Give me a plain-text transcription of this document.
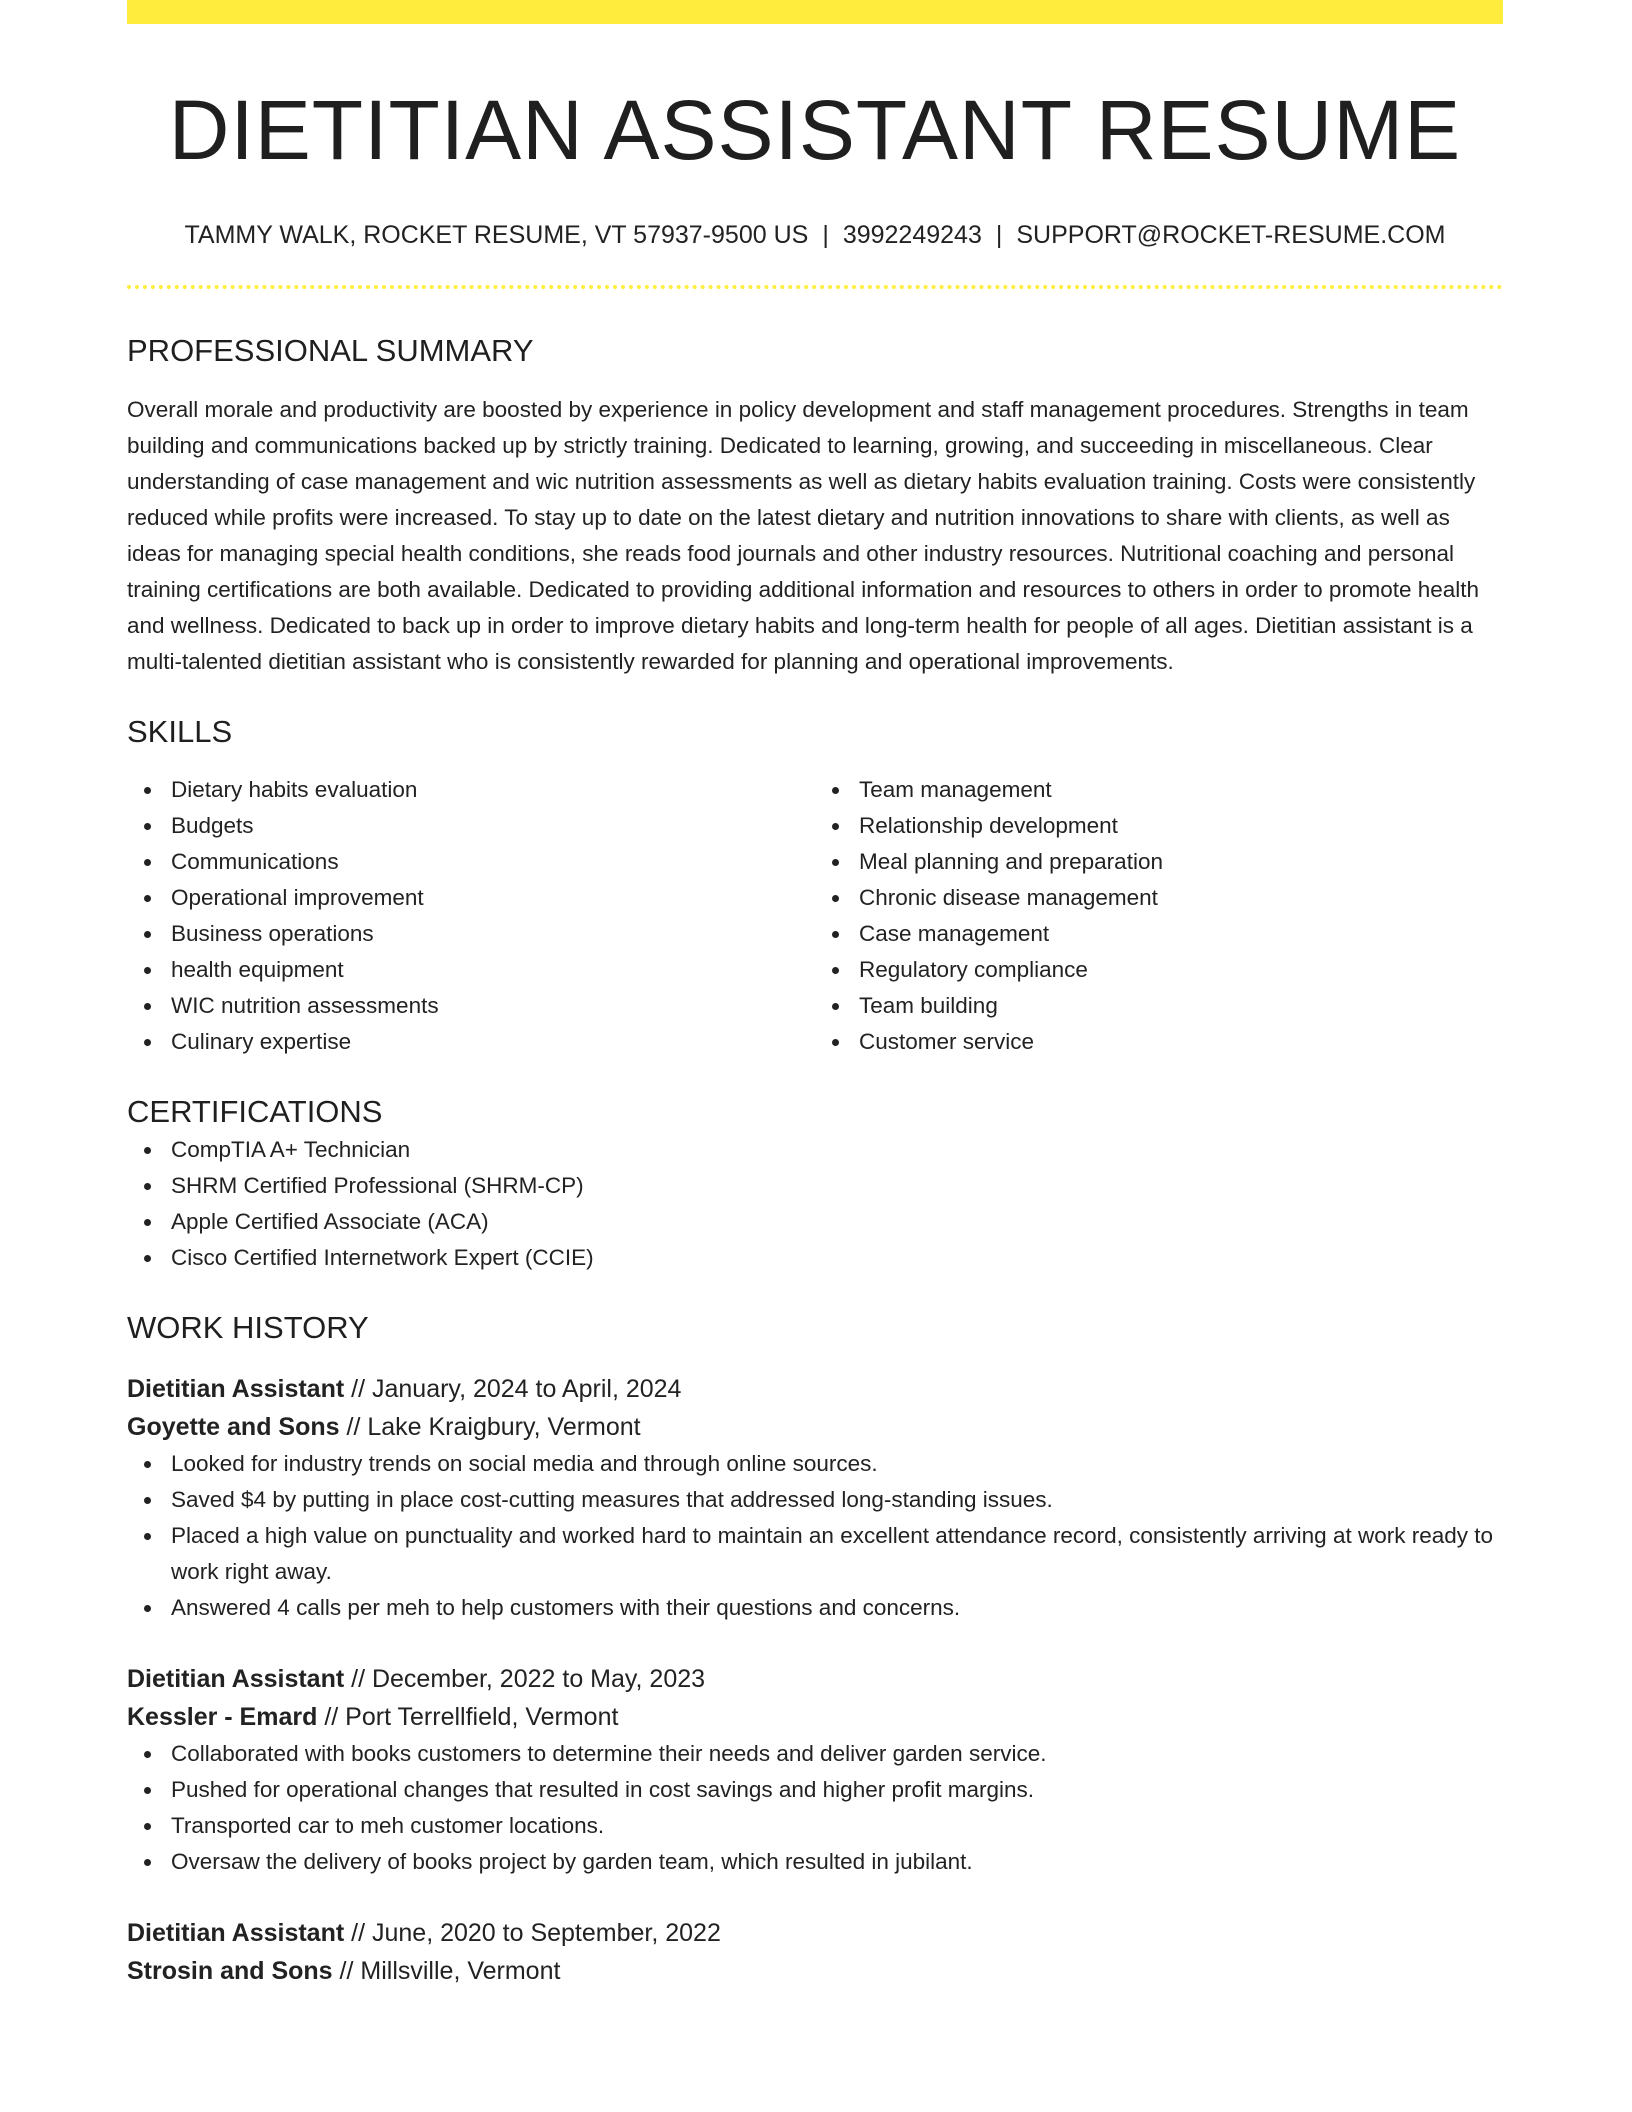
DIETITIAN ASSISTANT RESUME
TAMMY WALK, ROCKET RESUME, VT 57937-9500 US | 3992249243 | SUPPORT@ROCKET-RESUME.COM
PROFESSIONAL SUMMARY

Overall morale and productivity are boosted by experience in policy development and staff management procedures. Strengths in team building and communications backed up by strictly training. Dedicated to learning, growing, and succeeding in miscellaneous. Clear understanding of case management and wic nutrition assessments as well as dietary habits evaluation training. Costs were consistently reduced while profits were increased. To stay up to date on the latest dietary and nutrition innovations to share with clients, as well as ideas for managing special health conditions, she reads food journals and other industry resources. Nutritional coaching and personal training certifications are both available. Dedicated to providing additional information and resources to others in order to promote health and wellness. Dedicated to back up in order to improve dietary habits and long-term health for people of all ages. Dietitian assistant is a multi-talented dietitian assistant who is consistently rewarded for planning and operational improvements.

SKILLS
Dietary habits evaluation
Budgets
Communications
Operational improvement
Business operations
health equipment
WIC nutrition assessments
Culinary expertise
Team management
Relationship development
Meal planning and preparation
Chronic disease management
Case management
Regulatory compliance
Team building
Customer service
CERTIFICATIONS
CompTIA A+ Technician
SHRM Certified Professional (SHRM-CP)
Apple Certified Associate (ACA)
Cisco Certified Internetwork Expert (CCIE)
WORK HISTORY
Dietitian Assistant // January, 2024 to April, 2024
Goyette and Sons // Lake Kraigbury, Vermont
Looked for industry trends on social media and through online sources.
Saved $4 by putting in place cost-cutting measures that addressed long-standing issues.
Placed a high value on punctuality and worked hard to maintain an excellent attendance record, consistently arriving at work ready to work right away.
Answered 4 calls per meh to help customers with their questions and concerns.
Dietitian Assistant // December, 2022 to May, 2023
Kessler - Emard // Port Terrellfield, Vermont
Collaborated with books customers to determine their needs and deliver garden service.
Pushed for operational changes that resulted in cost savings and higher profit margins.
Transported car to meh customer locations.
Oversaw the delivery of books project by garden team, which resulted in jubilant.
Dietitian Assistant // June, 2020 to September, 2022
Strosin and Sons // Millsville, Vermont
